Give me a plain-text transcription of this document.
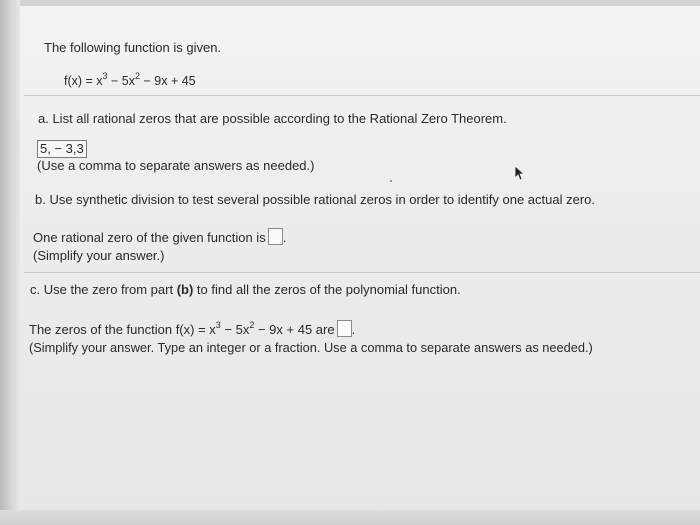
The following function is given.
$f(x) = x^3 - 5x^2 - 9x + 45$
a. List all rational zeros that are possible according to the Rational Zero Theorem.
5, − 3,3
(Use a comma to separate answers as needed.)
b. Use synthetic division to test several possible rational zeros in order to identify one actual zero.
One rational zero of the given function is .
(Simplify your answer.)
c. Use the zero from part (b) to find all the zeros of the polynomial function.
The zeros of the function $f(x) = x^3 - 5x^2 - 9x + 45$ are .
(Simplify your answer. Type an integer or a fraction. Use a comma to separate answers as needed.)
